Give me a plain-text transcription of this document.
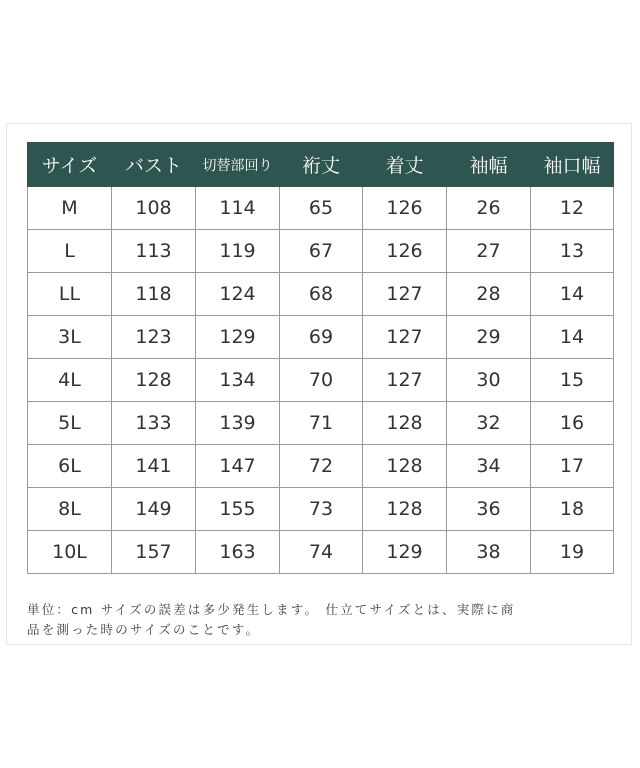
サイズ	バスト	切替部回り	裄丈	着丈	袖幅	袖口幅
M	108	114	65	126	26	12
L	113	119	67	126	27	13
LL	118	124	68	127	28	14
3L	123	129	69	127	29	14
4L	128	134	70	127	30	15
5L	133	139	71	128	32	16
6L	141	147	72	128	34	17
8L	149	155	73	128	36	18
10L	157	163	74	129	38	19
単位：cm サイズの誤差は多少発生します。 仕立てサイズとは、実際に商
品を測った時のサイズのことです。
